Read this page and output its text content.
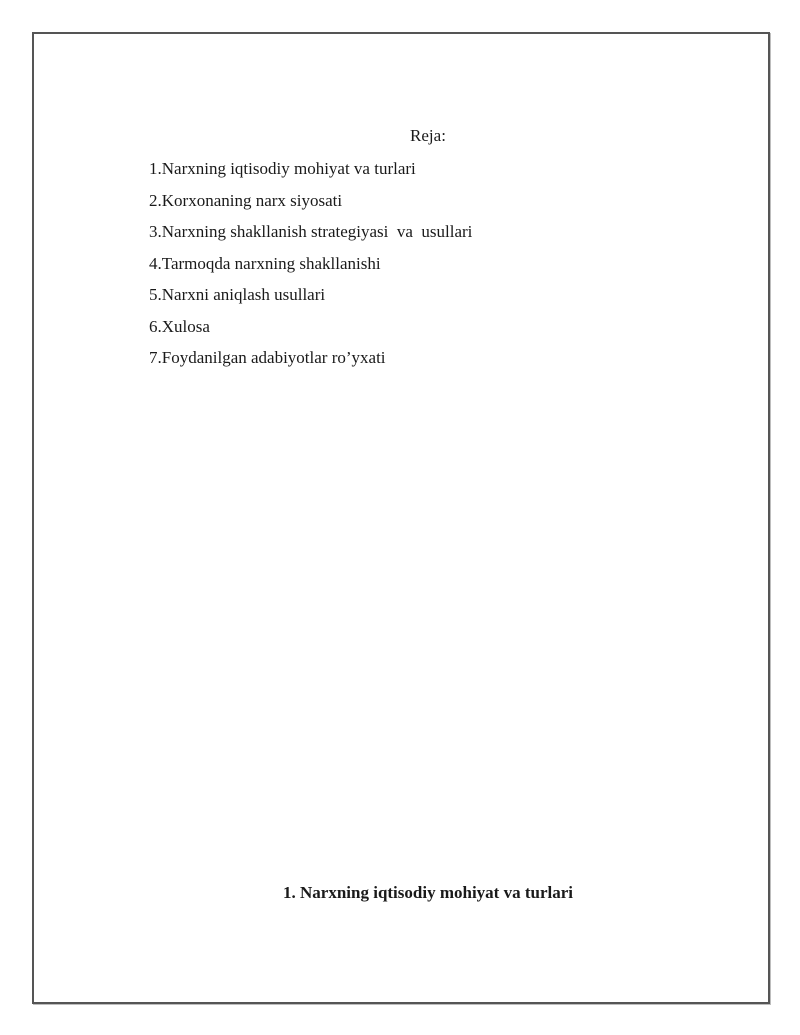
Reja:
1.Narxning iqtisodiy mohiyat va turlari
2.Korxonaning narx siyosati
3.Narxning shakllanish strategiyasi  va  usullari
4.Tarmoqda narxning shakllanishi
5.Narxni aniqlash usullari
6.Xulosa
7.Foydanilgan adabiyotlar ro’yxati
1. Narxning iqtisodiy mohiyat va turlari
